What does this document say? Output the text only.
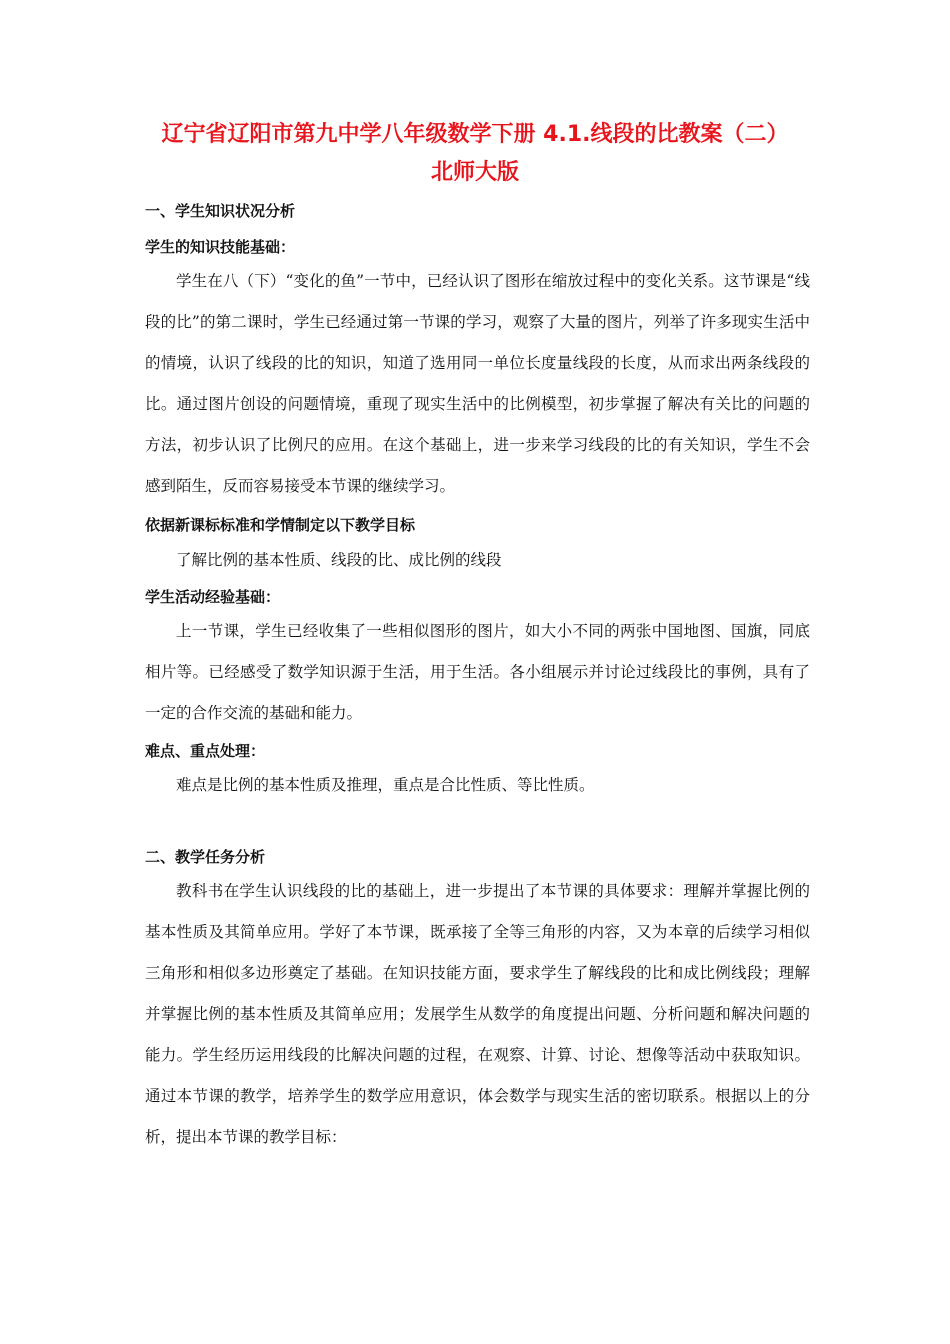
辽宁省辽阳市第九中学八年级数学下册 4.1.线段的比教案（二）
北师大版
一、学生知识状况分析
学生的知识技能基础：

学生在八（下）“变化的鱼”一节中，已经认识了图形在缩放过程中的变化关系。这节课是“线段的比”的第二课时，学生已经通过第一节课的学习，观察了大量的图片，列举了许多现实生活中的情境，认识了线段的比的知识，知道了选用同一单位长度量线段的长度，从而求出两条线段的比。通过图片创设的问题情境，重现了现实生活中的比例模型，初步掌握了解决有关比的问题的方法，初步认识了比例尺的应用。在这个基础上，进一步来学习线段的比的有关知识，学生不会感到陌生，反而容易接受本节课的继续学习。

依据新课标标准和学情制定以下教学目标

了解比例的基本性质、线段的比、成比例的线段

学生活动经验基础：

上一节课，学生已经收集了一些相似图形的图片，如大小不同的两张中国地图、国旗，同底相片等。已经感受了数学知识源于生活，用于生活。各小组展示并讨论过线段比的事例，具有了一定的合作交流的基础和能力。

难点、重点处理：

难点是比例的基本性质及推理，重点是合比性质、等比性质。

二、教学任务分析

教科书在学生认识线段的比的基础上，进一步提出了本节课的具体要求：理解并掌握比例的基本性质及其简单应用。学好了本节课，既承接了全等三角形的内容，又为本章的后续学习相似三角形和相似多边形奠定了基础。在知识技能方面，要求学生了解线段的比和成比例线段；理解并掌握比例的基本性质及其简单应用；发展学生从数学的角度提出问题、分析问题和解决问题的能力。学生经历运用线段的比解决问题的过程，在观察、计算、讨论、想像等活动中获取知识。通过本节课的教学，培养学生的数学应用意识，体会数学与现实生活的密切联系。根据以上的分析，提出本节课的教学目标：
